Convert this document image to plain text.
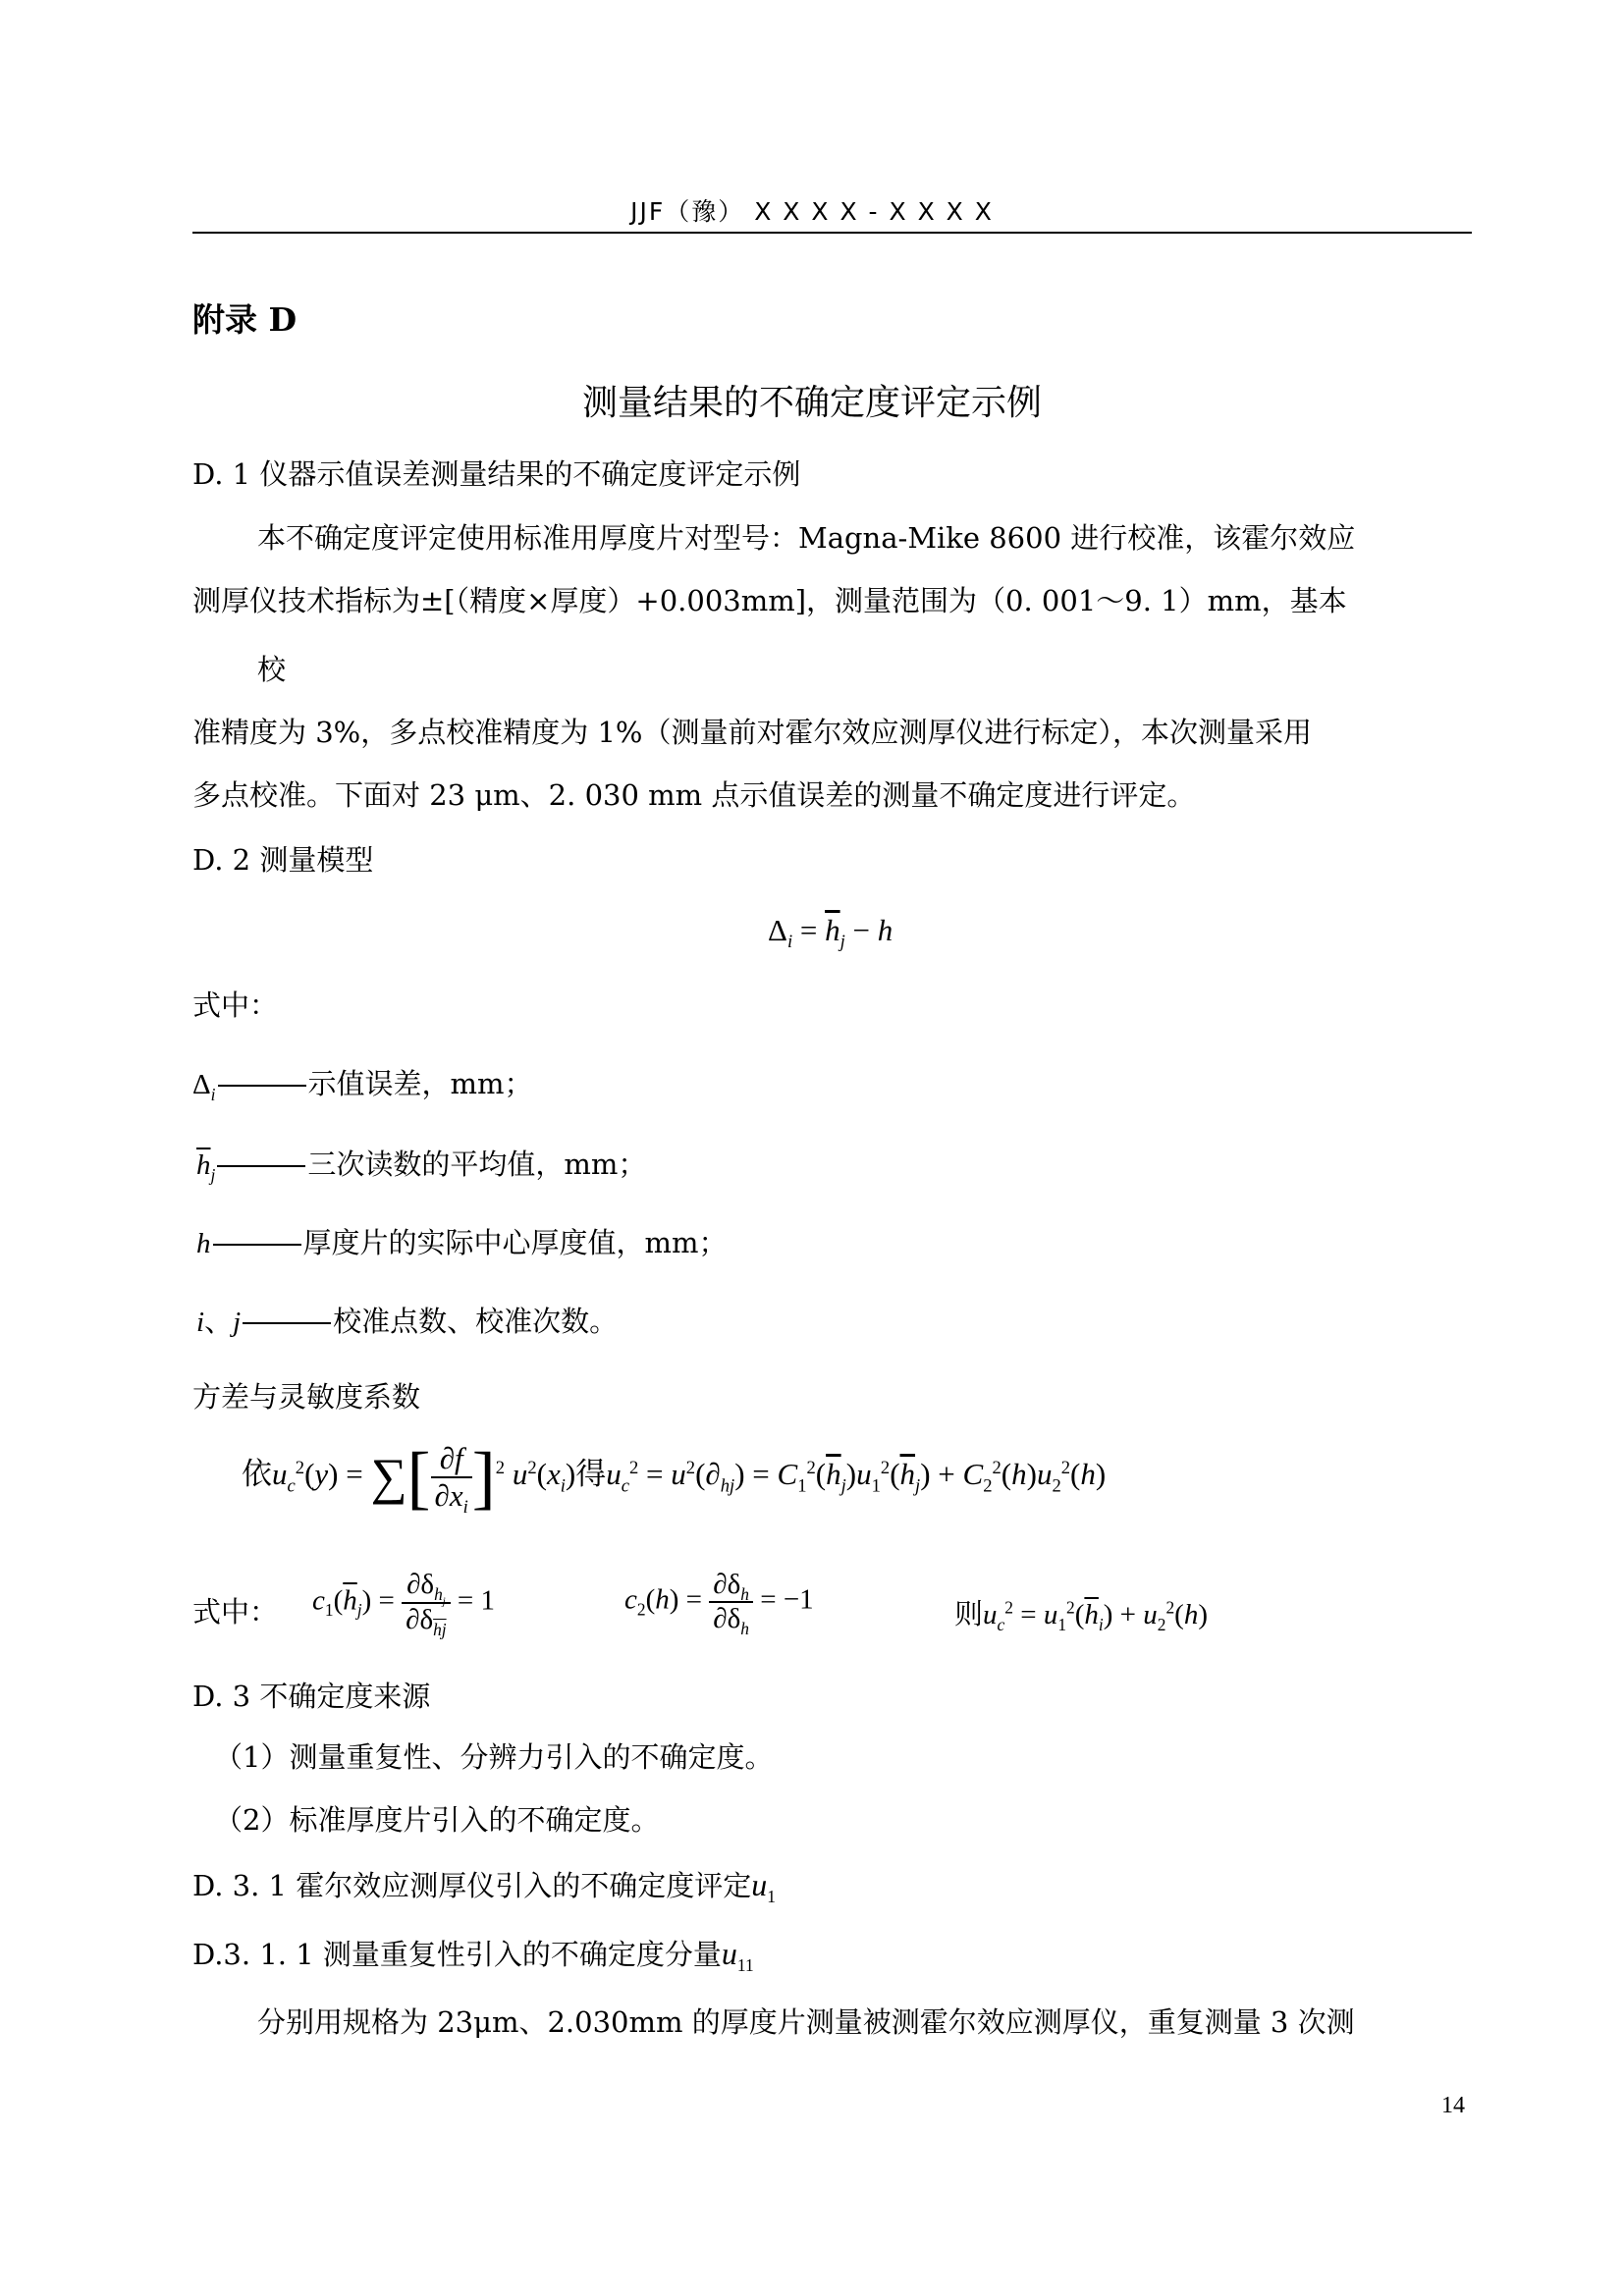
JJF（豫） X X X X - X X X X
附录 D
测量结果的不确定度评定示例
D. 1 仪器示值误差测量结果的不确定度评定示例
本不确定度评定使用标准用厚度片对型号：Magna-Mike 8600 进行校准，该霍尔效应
测厚仪技术指标为±[（精度×厚度）+0.003mm]，测量范围为（0. 001～9. 1）mm，基本
校
准精度为 3%，多点校准精度为 1%（测量前对霍尔效应测厚仪进行标定），本次测量采用
多点校准。下面对 23 μm、2. 030 mm 点示值误差的测量不确定度进行评定。
D. 2 测量模型
$\Delta_i = \overline{h}_j - h$
式中：
$\Delta_i$	示值误差，mm；
$\overline{h}_j$	三次读数的平均值，mm；
h	厚度片的实际中心厚度值，mm；
i、j	校准点数、校准次数。
方差与灵敏度系数
依$u_c^2(y)$ = ∑[ $\frac{\partial f}{\partial x_i} ]^2$ $u^2(x_i)$得$u_c^2 = u^2(\partial_{hj}) = C_1^2(\overline{h}_j)u_1^2(\overline{h}_j) + C_2^2(h)u_2^2(h)$
式中： $c_1(\overline{h}_j) = \frac{\partial\delta_{h_j}}{\partial\delta_{\overline{hj}}} = 1$	$c_2(h) = \frac{\partial\delta_h}{\partial\delta_h} = -1$	则$u_c^2 = u_1^2(\overline{h}_i) + u_2^2(h)$
D. 3 不确定度来源
（1）测量重复性、分辨力引入的不确定度。
（2）标准厚度片引入的不确定度。
D. 3. 1 霍尔效应测厚仪引入的不确定度评定$u_1$
D.3. 1. 1 测量重复性引入的不确定度分量$u_{11}$
分别用规格为 23μm、2.030mm 的厚度片测量被测霍尔效应测厚仪，重复测量 3 次测
14
